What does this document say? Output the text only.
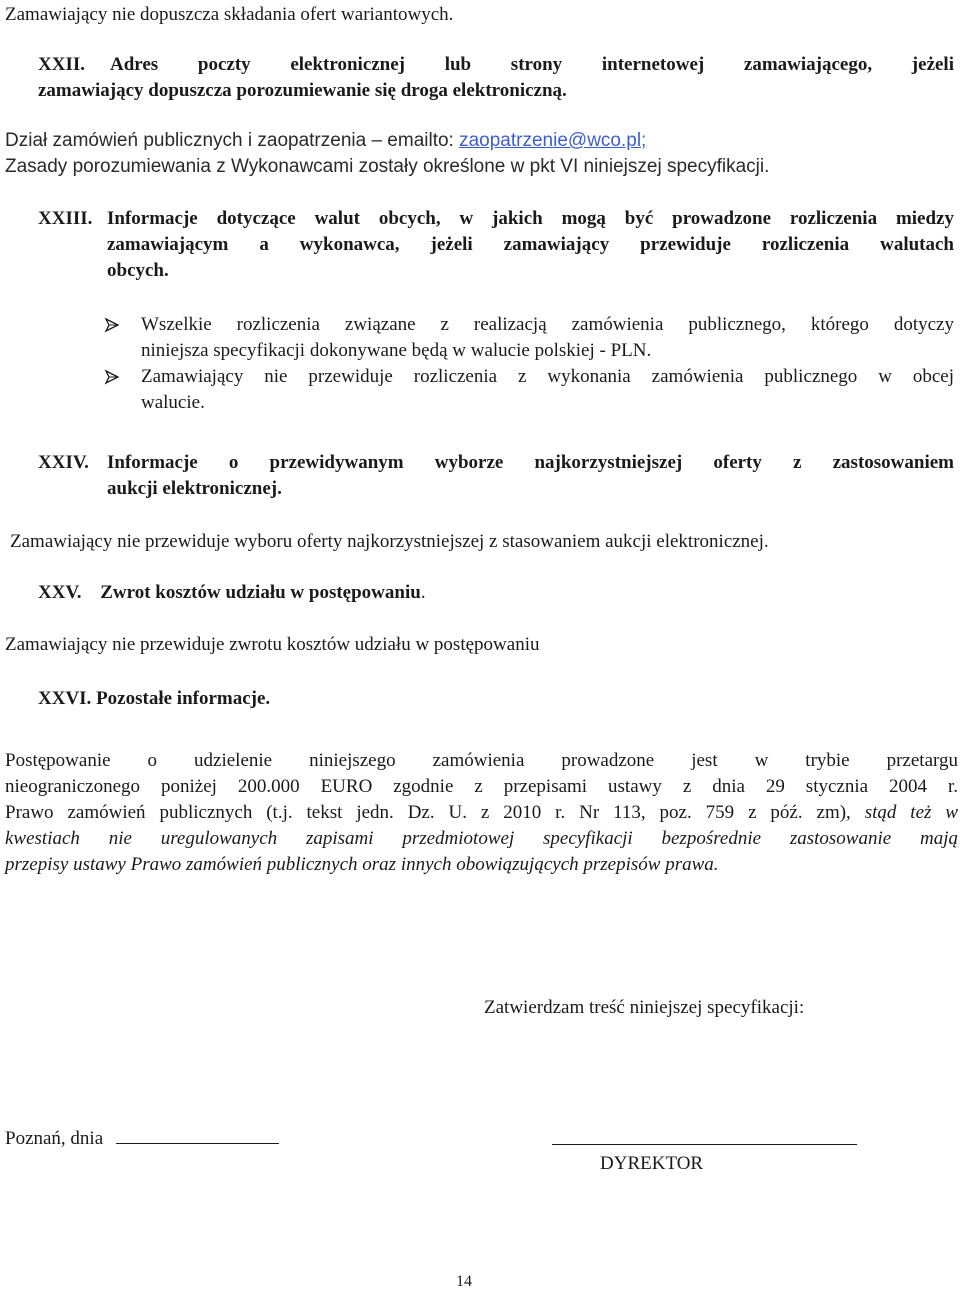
Zamawiający nie dopuszcza składania ofert wariantowych.
XXII. Adres poczty elektronicznej lub strony internetowej zamawiającego, jeżeli
zamawiający dopuszcza porozumiewanie się droga elektroniczną.
Dział zamówień publicznych i zaopatrzenia – emailto: zaopatrzenie@wco.pl;
Zasady porozumiewania z Wykonawcami zostały określone w pkt VI niniejszej specyfikacji.
XXIII. Informacje dotyczące walut obcych, w jakich mogą być prowadzone rozliczenia miedzy
zamawiającym a wykonawca, jeżeli zamawiający przewiduje rozliczenia walutach
obcych.
Wszelkie rozliczenia związane z realizacją zamówienia publicznego, którego dotyczy
niniejsza specyfikacji dokonywane będą w walucie polskiej - PLN.
Zamawiający nie przewiduje rozliczenia z wykonania zamówienia publicznego w obcej
walucie.
XXIV. Informacje o przewidywanym wyborze najkorzystniejszej oferty z zastosowaniem
aukcji elektronicznej.
Zamawiający nie przewiduje wyboru oferty najkorzystniejszej z stasowaniem aukcji elektronicznej.
XXV. Zwrot kosztów udziału w postępowaniu.
Zamawiający nie przewiduje zwrotu kosztów udziału w postępowaniu
XXVI. Pozostałe informacje.
Postępowanie o udzielenie niniejszego zamówienia prowadzone jest w trybie przetargu
nieograniczonego poniżej 200.000 EURO zgodnie z przepisami ustawy z dnia 29 stycznia 2004 r.
Prawo zamówień publicznych (t.j. tekst jedn. Dz. U. z 2010 r. Nr 113, poz. 759 z póź. zm), stąd też w
kwestiach nie uregulowanych zapisami przedmiotowej specyfikacji bezpośrednie zastosowanie mają
przepisy ustawy Prawo zamówień publicznych oraz innych obowiązujących przepisów prawa.
Zatwierdzam treść niniejszej specyfikacji:
Poznań, dnia
DYREKTOR
14
